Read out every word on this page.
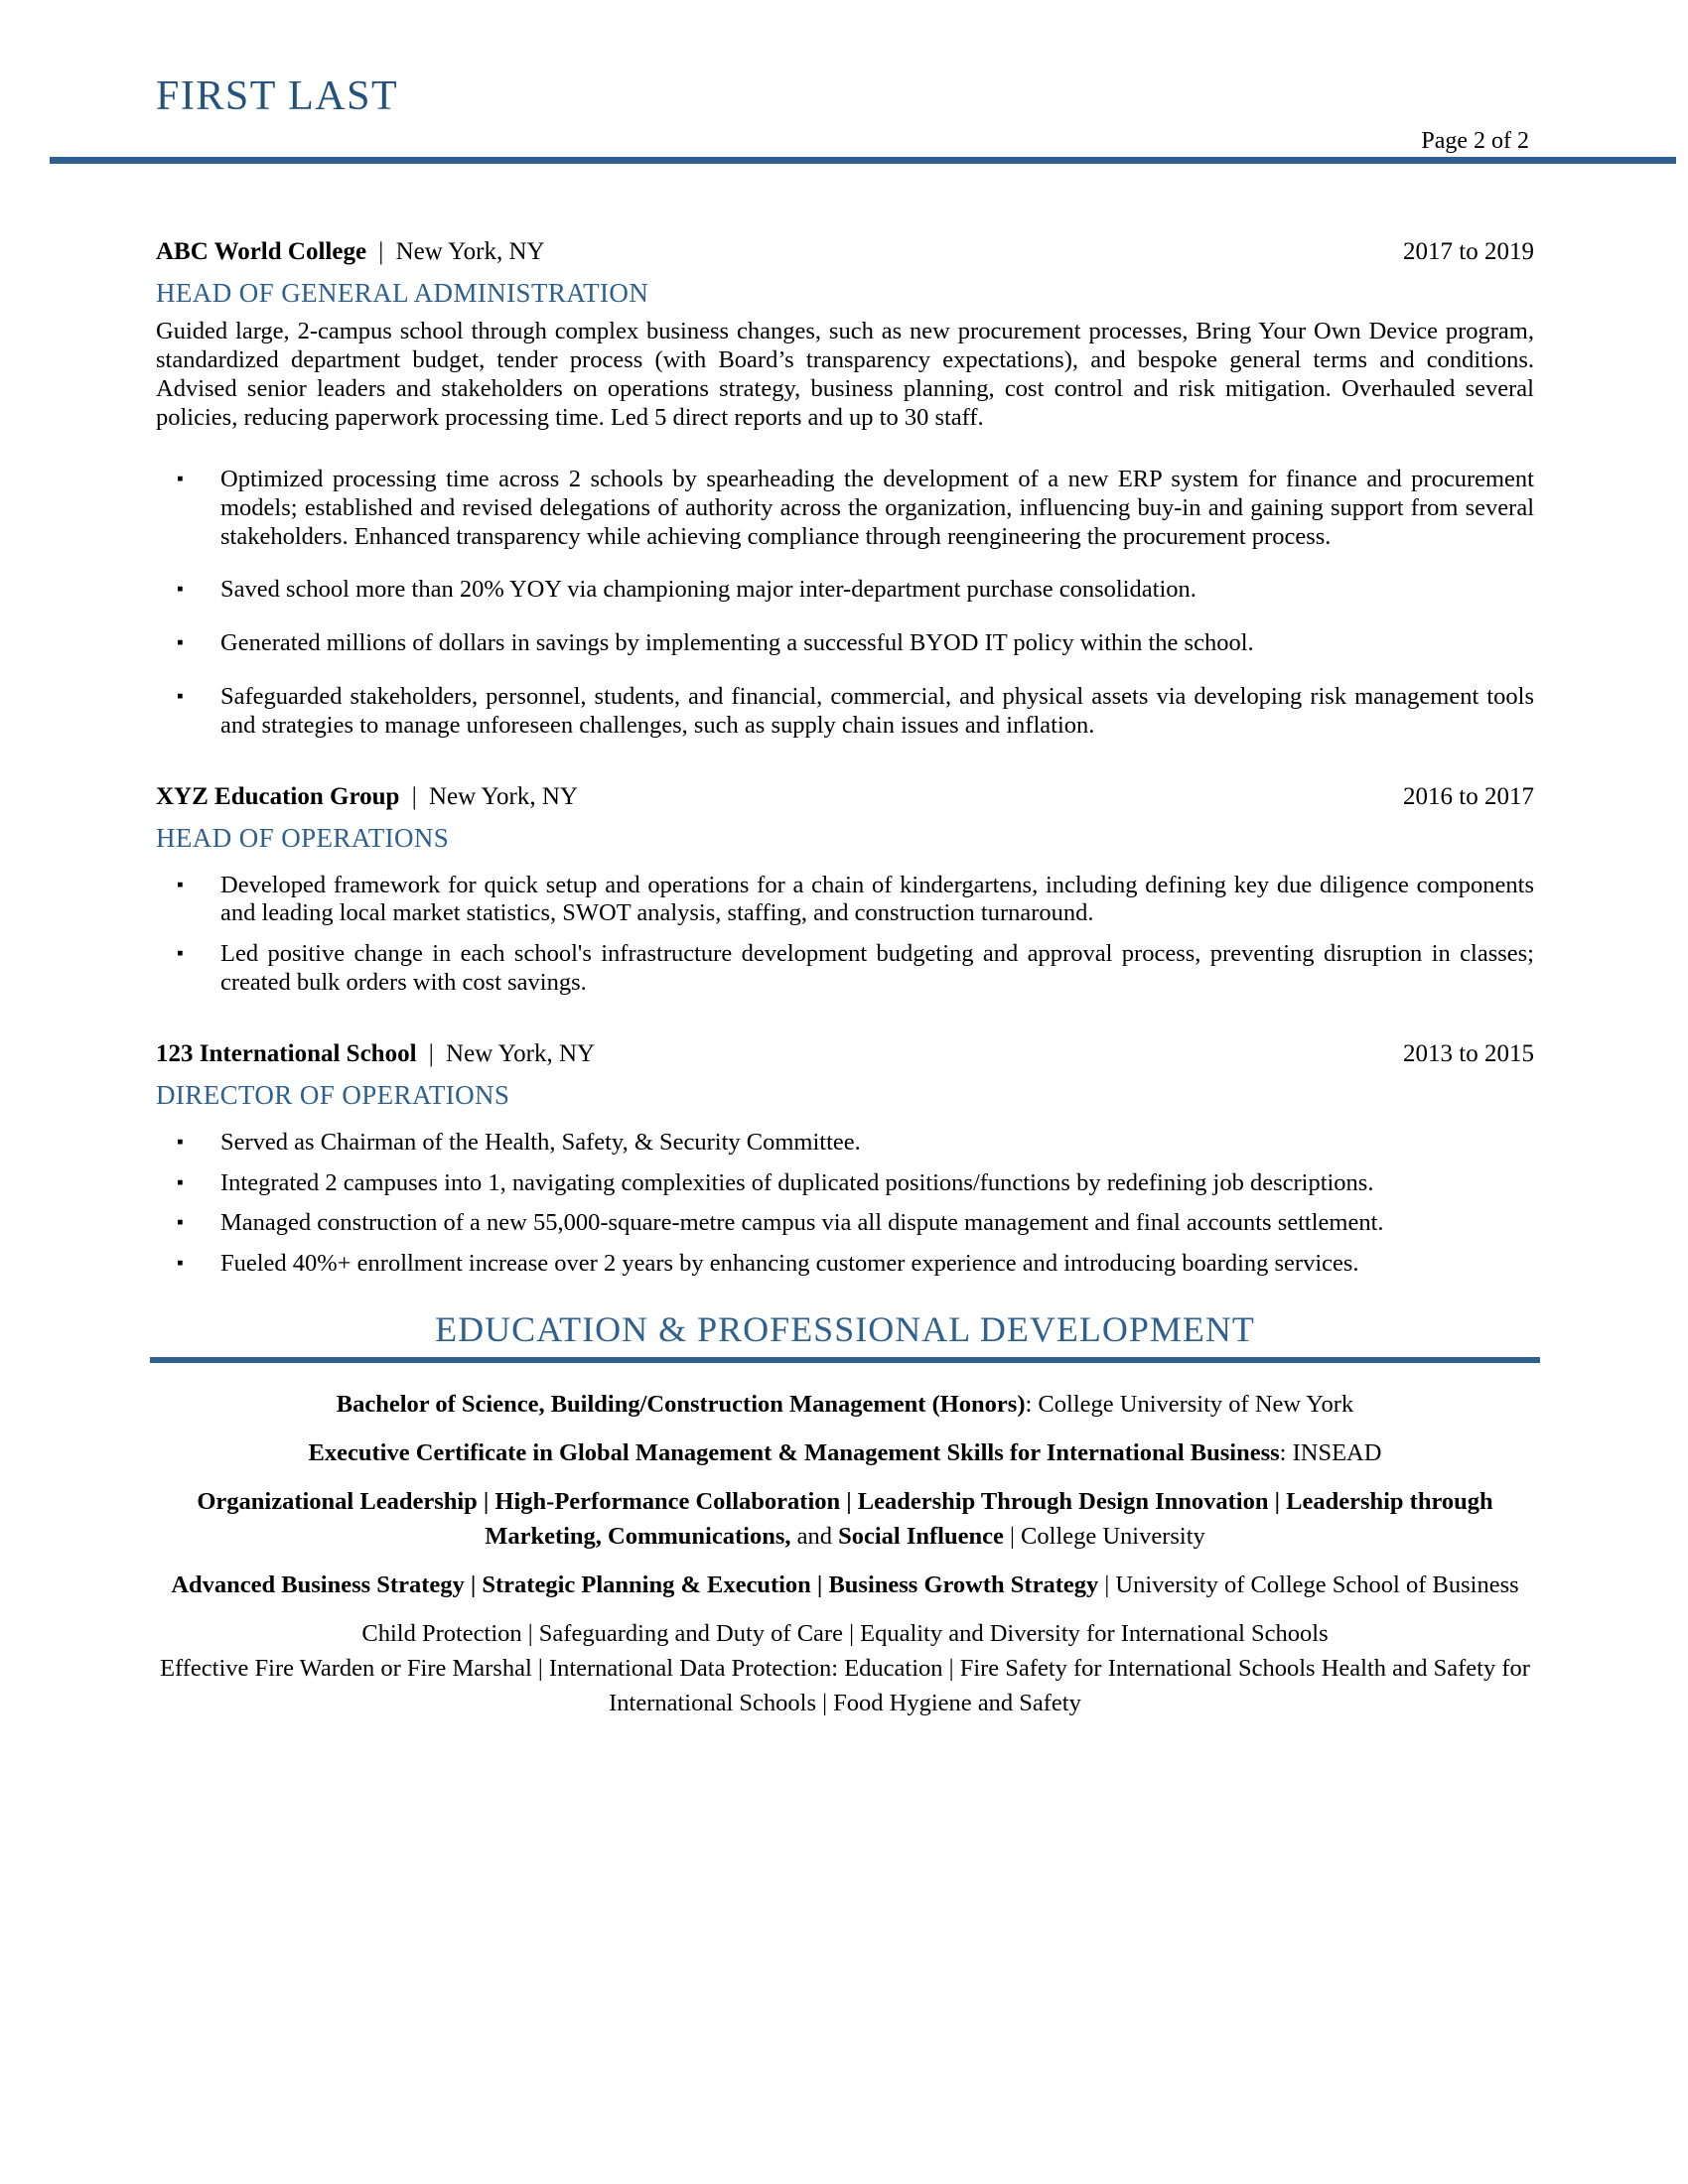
FIRST LAST
Page 2 of 2
ABC World College | New York, NY	2017 to 2019
HEAD OF GENERAL ADMINISTRATION

Guided large, 2-campus school through complex business changes, such as new procurement processes, Bring Your Own Device program, standardized department budget, tender process (with Board’s transparency expectations), and bespoke general terms and conditions. Advised senior leaders and stakeholders on operations strategy, business planning, cost control and risk mitigation. Overhauled several policies, reducing paperwork processing time. Led 5 direct reports and up to 30 staff.

▪	Optimized processing time across 2 schools by spearheading the development of a new ERP system for finance and procurement models; established and revised delegations of authority across the organization, influencing buy-in and gaining support from several stakeholders. Enhanced transparency while achieving compliance through reengineering the procurement process.
▪	Saved school more than 20% YOY via championing major inter-department purchase consolidation.
▪	Generated millions of dollars in savings by implementing a successful BYOD IT policy within the school.
▪	Safeguarded stakeholders, personnel, students, and financial, commercial, and physical assets via developing risk management tools and strategies to manage unforeseen challenges, such as supply chain issues and inflation.
XYZ Education Group | New York, NY	2016 to 2017
HEAD OF OPERATIONS
▪	Developed framework for quick setup and operations for a chain of kindergartens, including defining key due diligence components and leading local market statistics, SWOT analysis, staffing, and construction turnaround.
▪	Led positive change in each school's infrastructure development budgeting and approval process, preventing disruption in classes; created bulk orders with cost savings.
123 International School | New York, NY	2013 to 2015
DIRECTOR OF OPERATIONS
▪	Served as Chairman of the Health, Safety, & Security Committee.
▪	Integrated 2 campuses into 1, navigating complexities of duplicated positions/functions by redefining job descriptions.
▪	Managed construction of a new 55,000-square-metre campus via all dispute management and final accounts settlement.
▪	Fueled 40%+ enrollment increase over 2 years by enhancing customer experience and introducing boarding services.
EDUCATION & PROFESSIONAL DEVELOPMENT
Bachelor of Science, Building/Construction Management (Honors): College University of New York
Executive Certificate in Global Management & Management Skills for International Business: INSEAD
Organizational Leadership | High-Performance Collaboration | Leadership Through Design Innovation | Leadership through Marketing, Communications, and Social Influence | College University
Advanced Business Strategy | Strategic Planning & Execution | Business Growth Strategy | University of College School of Business
Child Protection | Safeguarding and Duty of Care | Equality and Diversity for International Schools
Effective Fire Warden or Fire Marshal | International Data Protection: Education | Fire Safety for International Schools Health and Safety for International Schools | Food Hygiene and Safety
